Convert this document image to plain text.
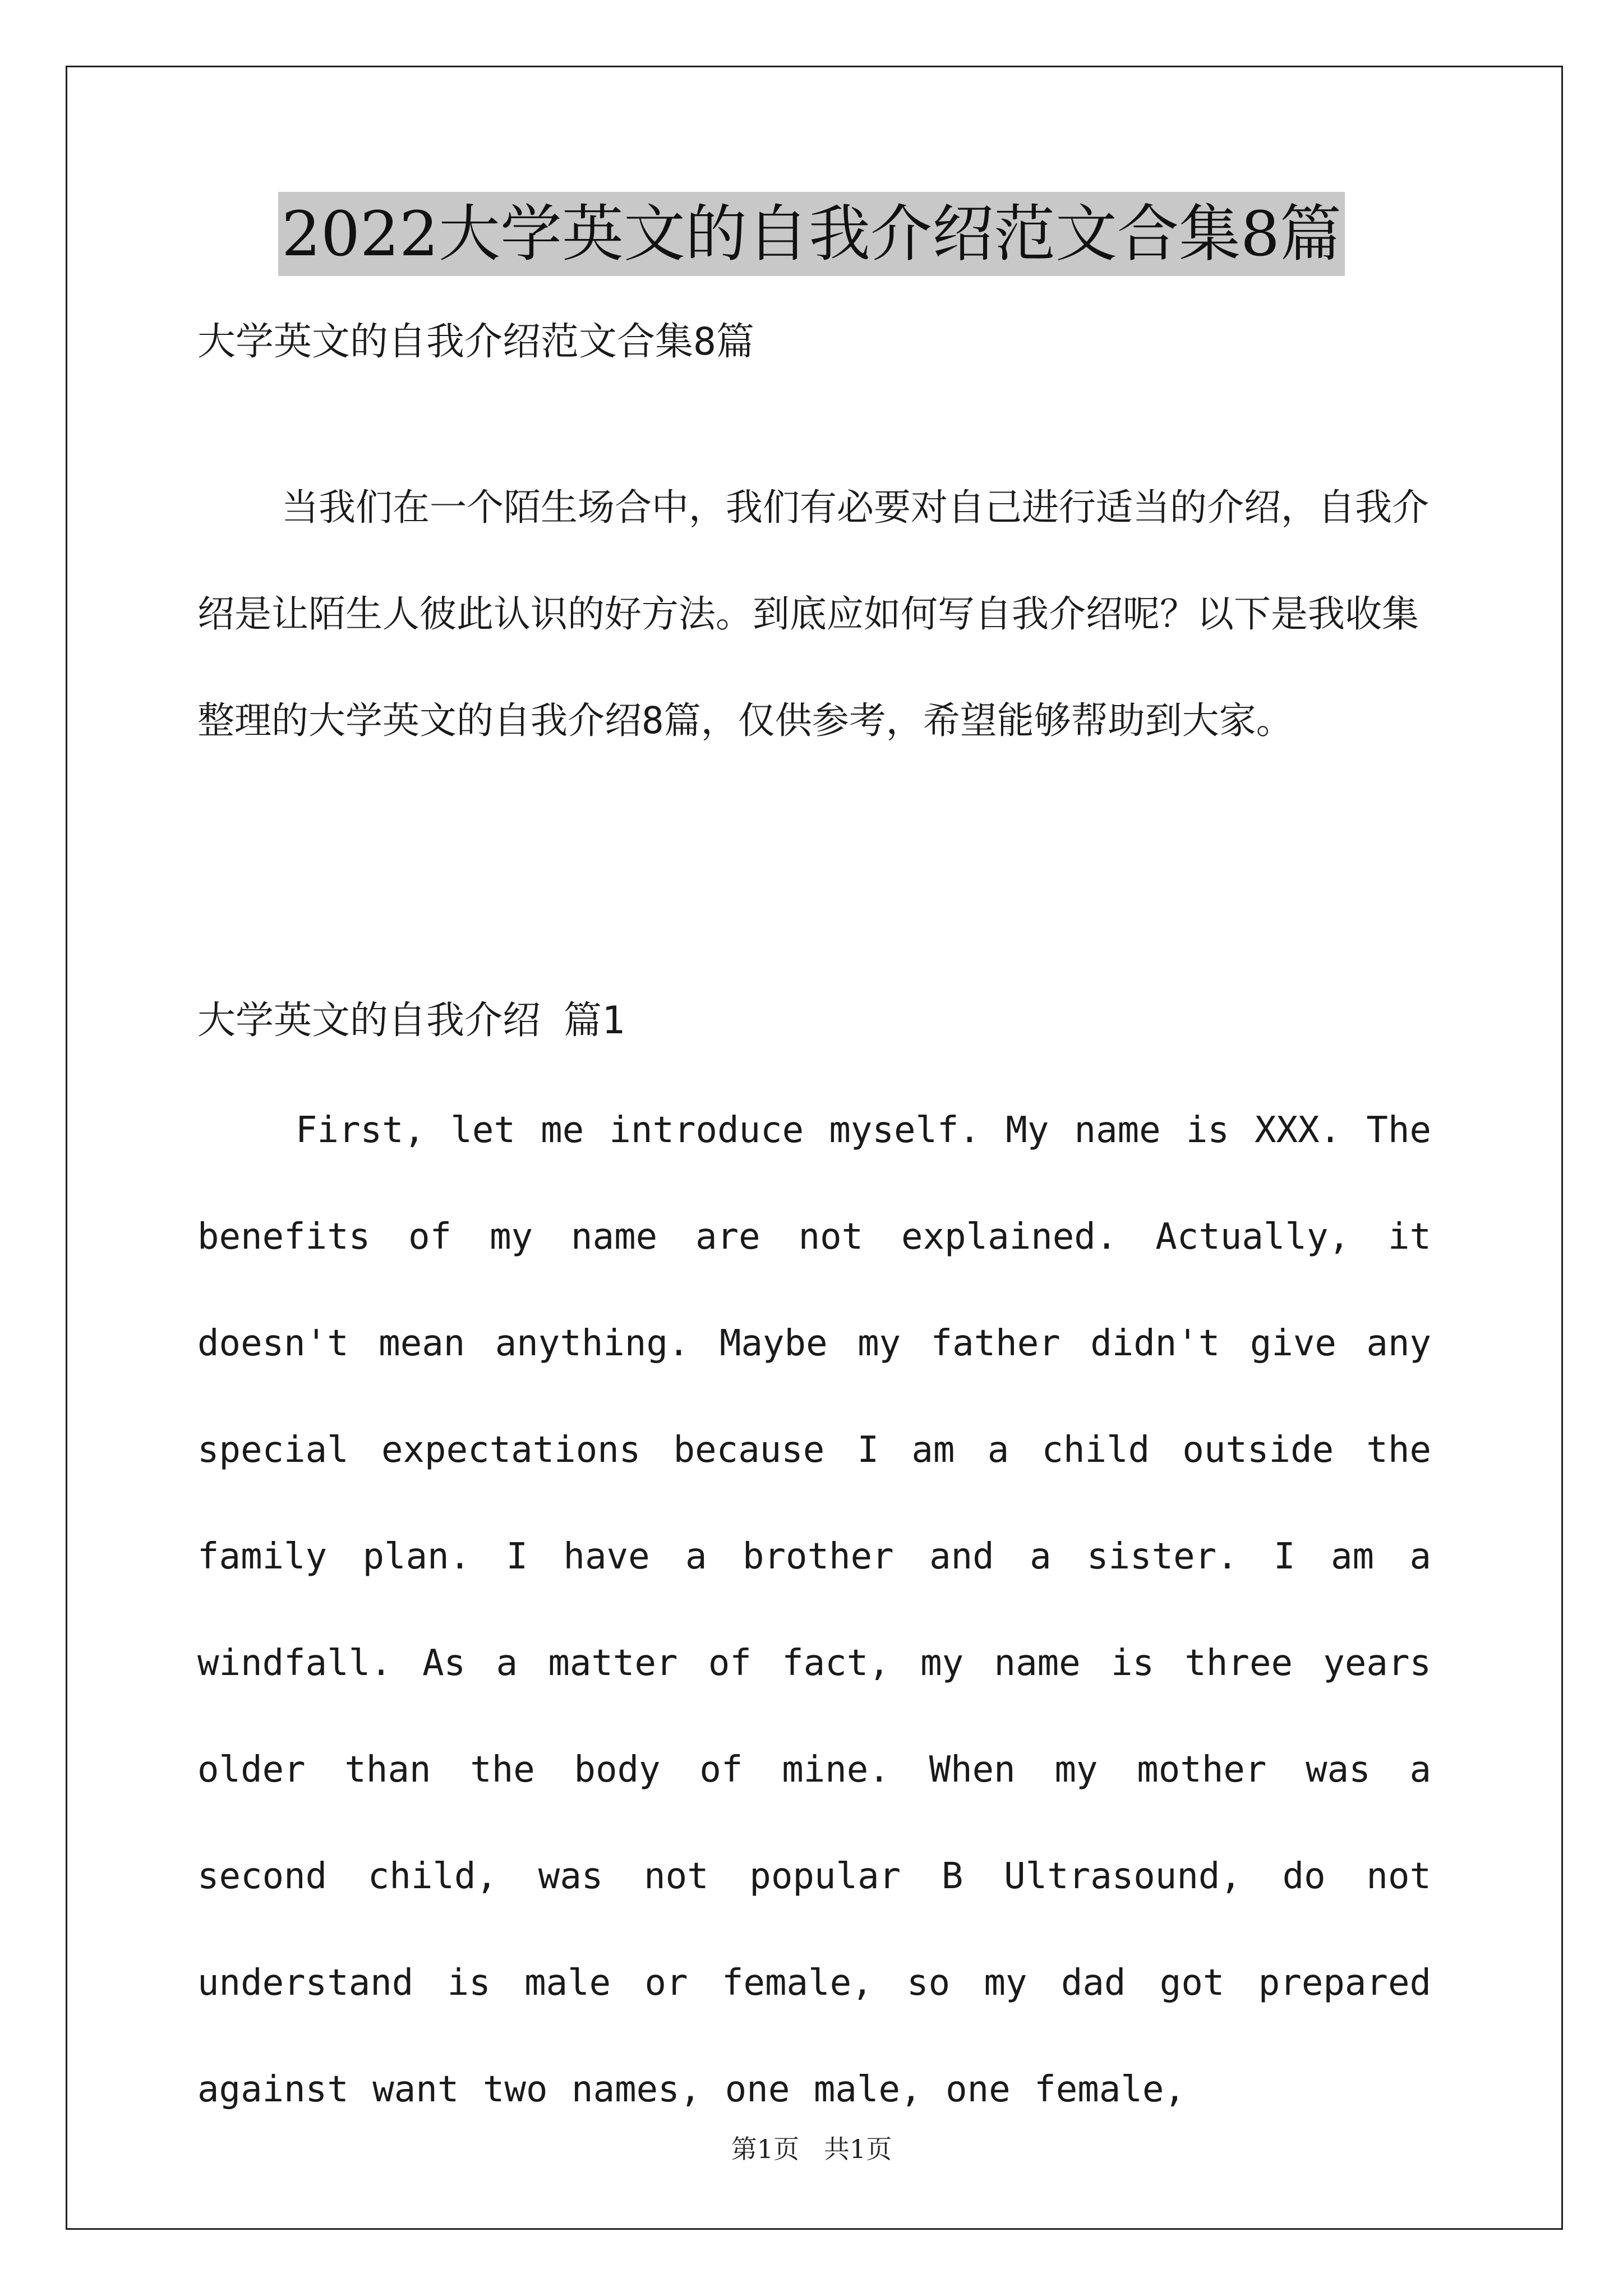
2022大学英文的自我介绍范文合集8篇
大学英文的自我介绍范文合集8篇
当我们在一个陌生场合中，我们有必要对自己进行适当的介绍，自我介绍是让陌生人彼此认识的好方法。到底应如何写自我介绍呢？以下是我收集整理的大学英文的自我介绍8篇，仅供参考，希望能够帮助到大家。
大学英文的自我介绍 篇1
First, let me introduce myself. My name is XXX. The benefits of my name are not explained. Actually, it doesn't mean anything. Maybe my father didn't give any special expectations because I am a child outside the family plan. I have a brother and a sister. I am a windfall. As a matter of fact, my name is three years older than the body of mine. When my mother was a second child, was not popular B Ultrasound, do not understand is male or female, so my dad got prepared against want two names, one male, one female,
第1页   共1页
